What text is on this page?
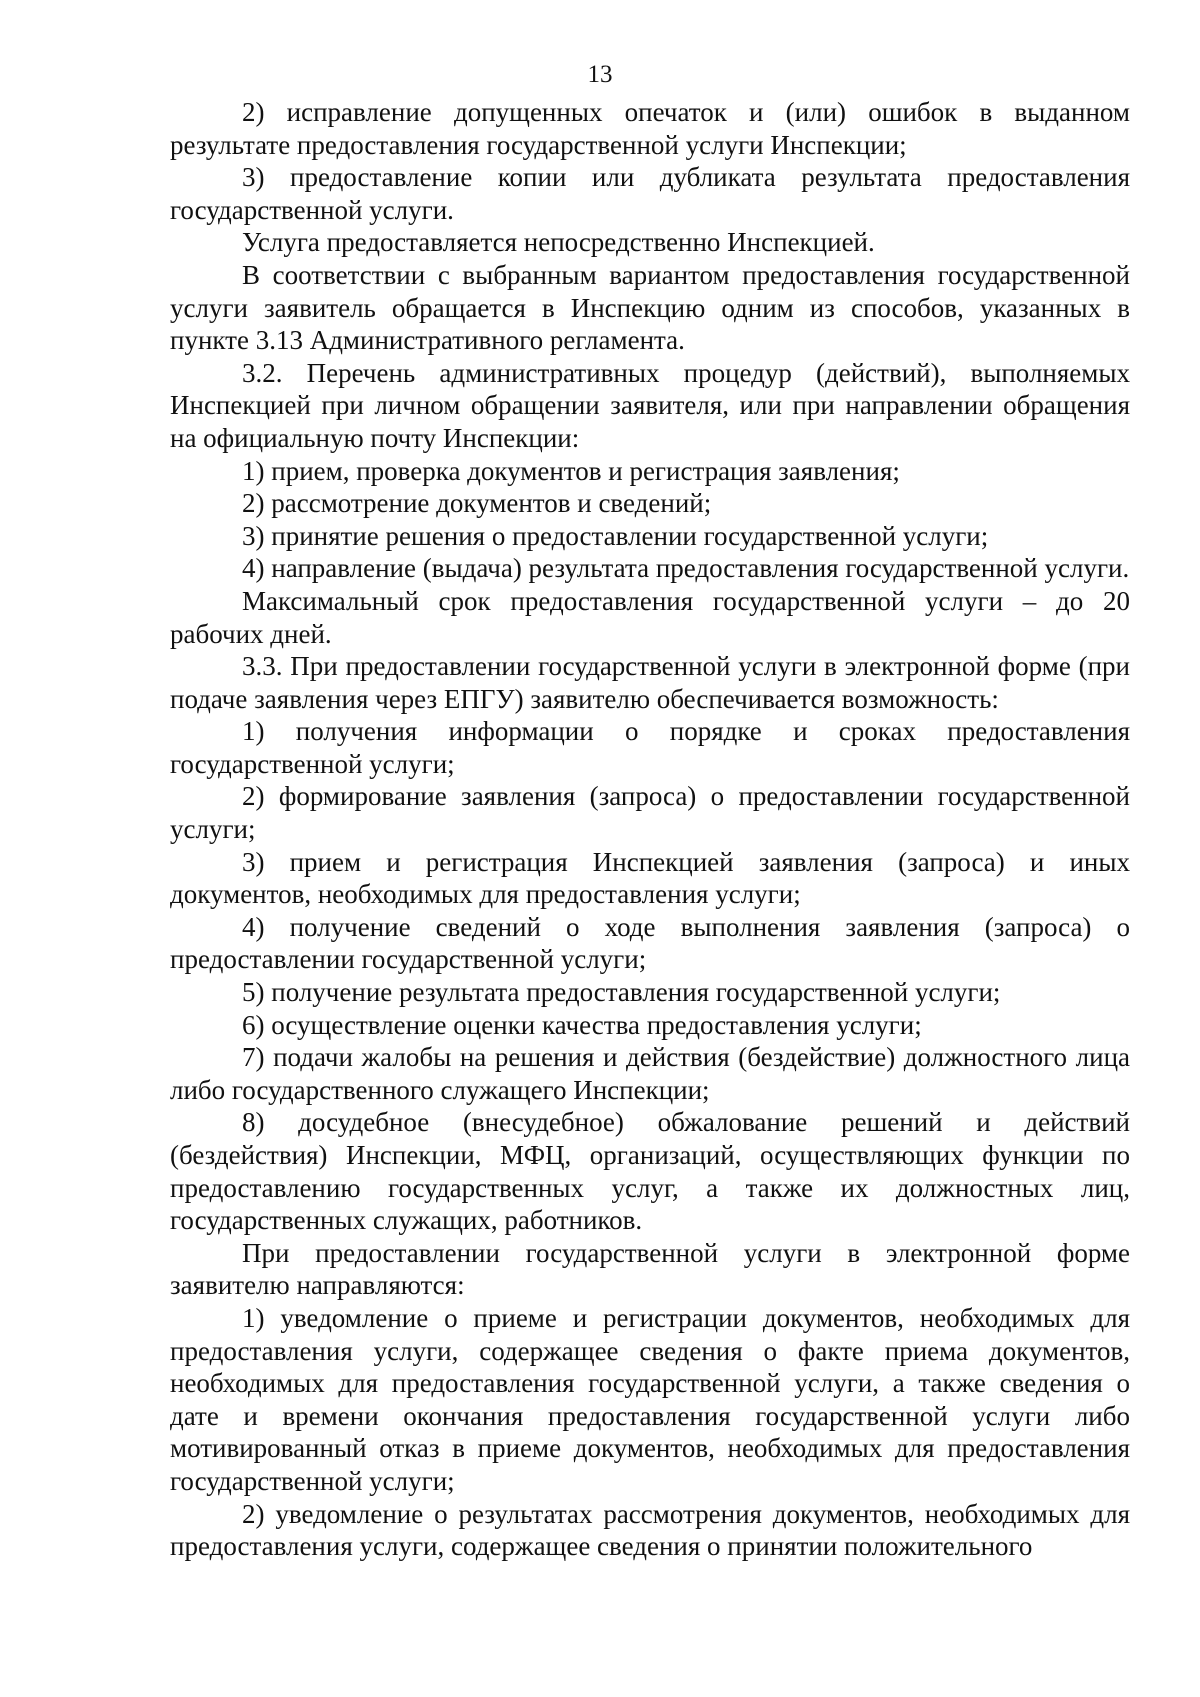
13

2) исправление допущенных опечаток и (или) ошибок в выданном результате предоставления государственной услуги Инспекции;

3) предоставление копии или дубликата результата предоставления государственной услуги.

Услуга предоставляется непосредственно Инспекцией.

В соответствии с выбранным вариантом предоставления государственной услуги заявитель обращается в Инспекцию одним из способов, указанных в пункте 3.13 Административного регламента.

3.2. Перечень административных процедур (действий), выполняемых Инспекцией при личном обращении заявителя, или при направлении обращения на официальную почту Инспекции:

1) прием, проверка документов и регистрация заявления;

2) рассмотрение документов и сведений;

3) принятие решения о предоставлении государственной услуги;

4) направление (выдача) результата предоставления государственной услуги.

Максимальный срок предоставления государственной услуги – до 20 рабочих дней.

3.3. При предоставлении государственной услуги в электронной форме (при подаче заявления через ЕПГУ) заявителю обеспечивается возможность:

1) получения информации о порядке и сроках предоставления государственной услуги;

2) формирование заявления (запроса) о предоставлении государственной услуги;

3) прием и регистрация Инспекцией заявления (запроса) и иных документов, необходимых для предоставления услуги;

4) получение сведений о ходе выполнения заявления (запроса) о предоставлении государственной услуги;

5) получение результата предоставления государственной услуги;

6) осуществление оценки качества предоставления услуги;

7) подачи жалобы на решения и действия (бездействие) должностного лица либо государственного служащего Инспекции;

8) досудебное (внесудебное) обжалование решений и действий (бездействия) Инспекции, МФЦ, организаций, осуществляющих функции по предоставлению государственных услуг, а также их должностных лиц, государственных служащих, работников.

При предоставлении государственной услуги в электронной форме заявителю направляются:

1) уведомление о приеме и регистрации документов, необходимых для предоставления услуги, содержащее сведения о факте приема документов, необходимых для предоставления государственной услуги, а также сведения о дате и времени окончания предоставления государственной услуги либо мотивированный отказ в приеме документов, необходимых для предоставления государственной услуги;

2) уведомление о результатах рассмотрения документов, необходимых для предоставления услуги, содержащее сведения о принятии положительного
